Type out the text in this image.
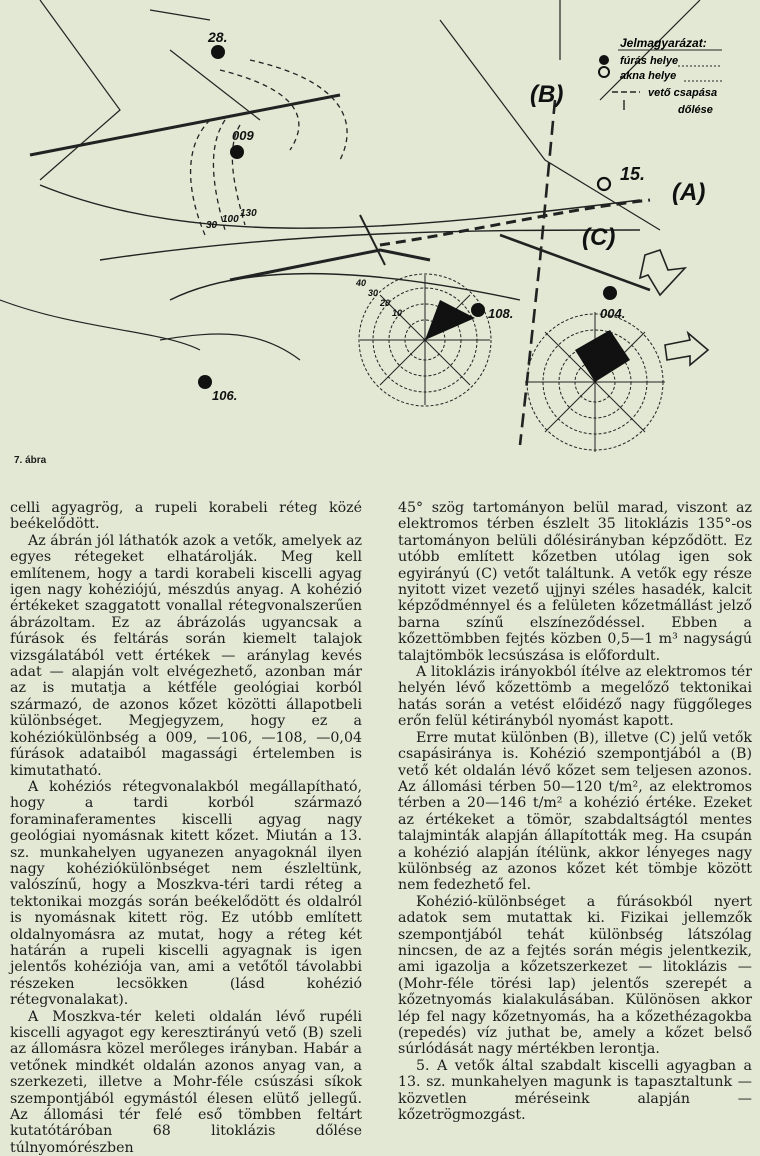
28.
009
15.
108.	004.
106.
(A)
(B)
(C)
30
100
130
10
20
30
40
Jelmagyarázat:
fúrás helye
akna helye
vető csapása
dőlése
7. ábra

celli agyagrög, a rupeli korabeli réteg közé beékelődött.

Az ábrán jól láthatók azok a vetők, amelyek az egyes rétegeket elhatárolják. Meg kell említenem, hogy a tardi korabeli kiscelli agyag igen nagy kohéziójú, mészdús anyag. A kohézió értékeket szaggatott vonallal rétegvonalszerűen ábrázoltam. Ez az ábrázolás ugyancsak a fúrások és feltárás során kiemelt talajok vizsgálatából vett értékek — aránylag kevés adat — alapján volt elvégezhető, azonban már az is mutatja a kétféle geológiai korból származó, de azonos kőzet közötti állapotbeli különbséget. Megjegyzem, hogy ez a kohéziókülönbség a 009, —106, —108, —0,04 fúrások adataiból magassági értelemben is kimutatható.

A kohéziós rétegvonalakból megállapítható, hogy a tardi korból származó foraminaferamentes kiscelli agyag nagy geológiai nyomásnak kitett kőzet. Miután a 13. sz. munkahelyen ugyanezen anyagoknál ilyen nagy kohéziókülönbséget nem észleltünk, valószínű, hogy a Moszkva-téri tardi réteg a tektonikai mozgás során beékelődött és oldalról is nyomásnak kitett rög. Ez utóbb említett oldalnyomásra az mutat, hogy a réteg két határán a rupeli kiscelli agyagnak is igen jelentős kohéziója van, ami a vetőtől távolabbi részeken lecsökken (lásd kohézió rétegvonalakat).

A Moszkva-tér keleti oldalán lévő rupéli kiscelli agyagot egy keresztirányú vető (B) szeli az állomásra közel merőleges irányban. Habár a vetőnek mindkét oldalán azonos anyag van, a szerkezeti, illetve a Mohr-féle csúszási síkok szempontjából egymástól élesen elütő jellegű. Az állomási tér felé eső tömbben feltárt kutatótáróban 68 litoklázis dőlése túlnyomórészben

45° szög tartományon belül marad, viszont az elektromos térben észlelt 35 litoklázis 135°-os tartományon belüli dőlésirányban képződött. Ez utóbb említett kőzetben utólag igen sok egyirányú (C) vetőt találtunk. A vetők egy része nyitott vizet vezető ujjnyi széles hasadék, kalcit képződménnyel és a felületen kőzetmállást jelző barna színű elszíneződéssel. Ebben a kőzettömbben fejtés közben 0,5—1 m³ nagyságú talajtömbök lecsúszása is előfordult.

A litoklázis irányokból ítélve az elektromos tér helyén lévő kőzettömb a megelőző tektonikai hatás során a vetést előidéző nagy függőleges erőn felül kétirányból nyomást kapott.

Erre mutat különben (B), illetve (C) jelű vetők csapásiránya is. Kohézió szempontjából a (B) vető két oldalán lévő kőzet sem teljesen azonos. Az állomási térben 50—120 t/m², az elektromos térben a 20—146 t/m² a kohézió értéke. Ezeket az értékeket a tömör, szabdaltságtól mentes talajminták alapján állapították meg. Ha csupán a kohézió alapján ítélünk, akkor lényeges nagy különbség az azonos kőzet két tömbje között nem fedezhető fel.

Kohézió-különbséget a fúrásokból nyert adatok sem mutattak ki. Fizikai jellemzők szempontjából tehát különbség látszólag nincsen, de az a fejtés során mégis jelentkezik, ami igazolja a kőzetszerkezet — litoklázis — (Mohr-féle törési lap) jelentős szerepét a kőzetnyomás kialakulásában. Különösen akkor lép fel nagy kőzetnyomás, ha a kőzethézagokba (repedés) víz juthat be, amely a kőzet belső súrlódását nagy mértékben lerontja.

5. A vetők által szabdalt kiscelli agyagban a 13. sz. munkahelyen magunk is tapasztaltunk — közvetlen méréseink alapján — kőzetrögmozgást.
